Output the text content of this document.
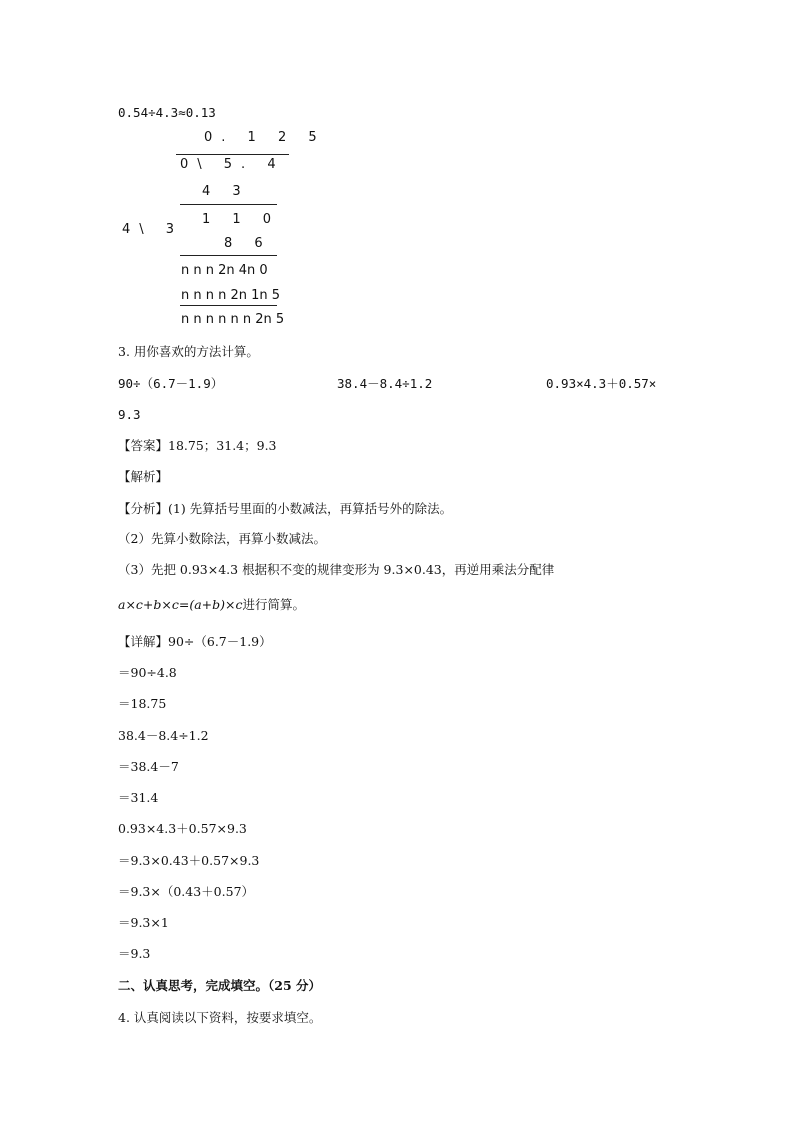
0.54÷4.3≈0.13
0. 1 2 5
0\ 5. 4
4\ 3
4 3
1 1 0
8 6
n n n 2n 4n 0
n n n n 2n 1n 5
n n n n n n 2n 5
3. 用你喜欢的方法计算。
90÷（6.7－1.9）	38.4－8.4÷1.2	0.93×4.3＋0.57×
9.3
【答案】18.75；31.4；9.3
【解析】
【分析】(1) 先算括号里面的小数减法，再算括号外的除法。
（2）先算小数除法，再算小数减法。
（3）先把 0.93×4.3 根据积不变的规律变形为 9.3×0.43，再逆用乘法分配律
a×c+b×c=(a+b)×c进行简算。
【详解】90÷（6.7－1.9）
＝90÷4.8
＝18.75
38.4－8.4÷1.2
＝38.4－7
＝31.4
0.93×4.3＋0.57×9.3
＝9.3×0.43＋0.57×9.3
＝9.3×（0.43＋0.57）
＝9.3×1
＝9.3
二、认真思考，完成填空。（25 分）
4. 认真阅读以下资料，按要求填空。
